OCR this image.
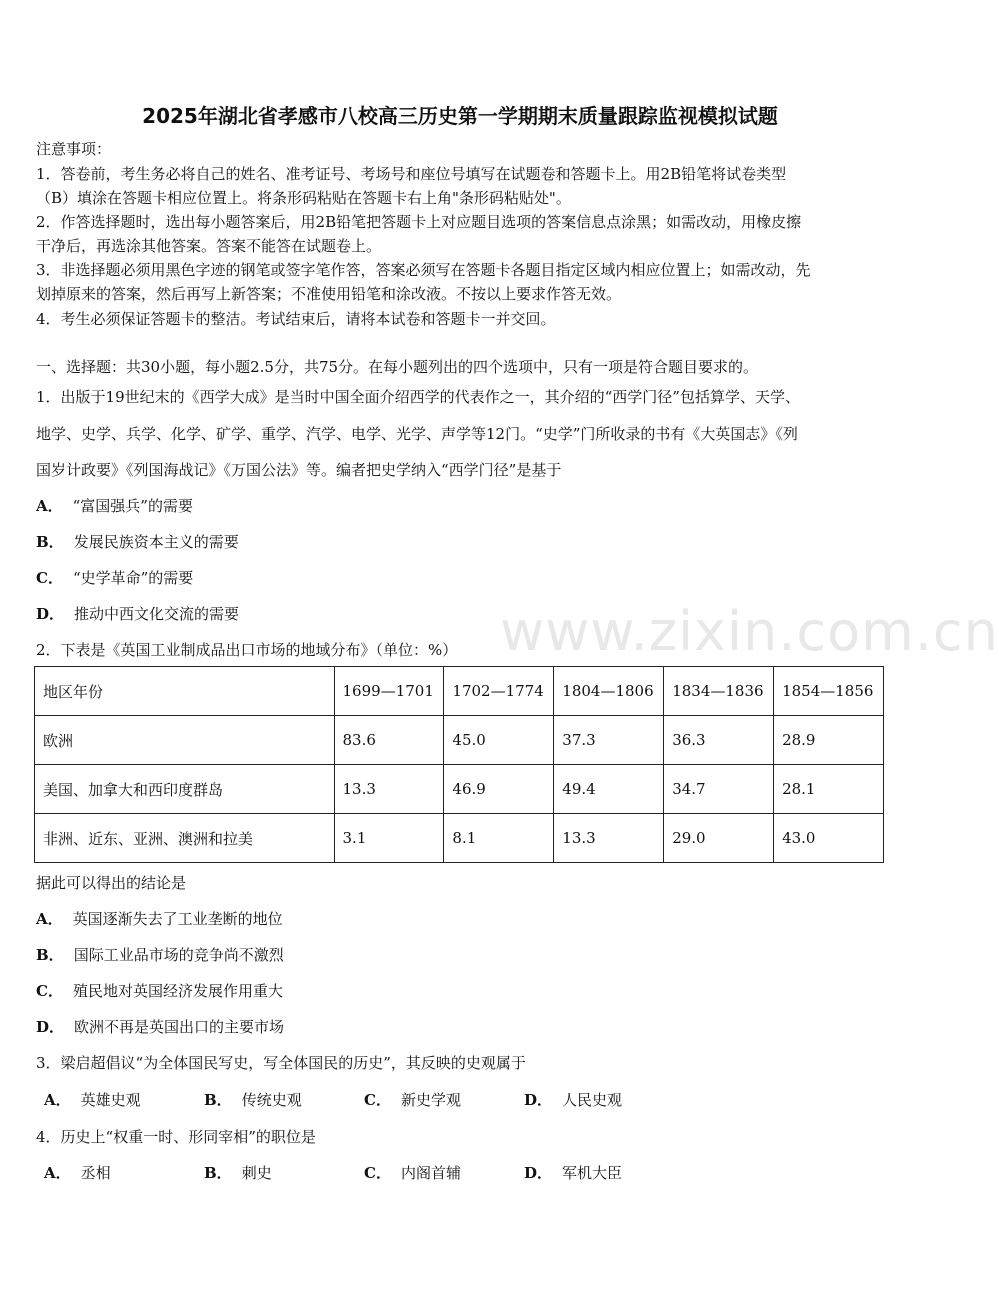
www.zixin.com.cn
2025年湖北省孝感市八校高三历史第一学期期末质量跟踪监视模拟试题
注意事项：
1．答卷前，考生务必将自己的姓名、准考证号、考场号和座位号填写在试题卷和答题卡上。用2B铅笔将试卷类型
（B）填涂在答题卡相应位置上。将条形码粘贴在答题卡右上角"条形码粘贴处"。
2．作答选择题时，选出每小题答案后，用2B铅笔把答题卡上对应题目选项的答案信息点涂黑；如需改动，用橡皮擦
干净后，再选涂其他答案。答案不能答在试题卷上。
3．非选择题必须用黑色字迹的钢笔或签字笔作答，答案必须写在答题卡各题目指定区域内相应位置上；如需改动，先
划掉原来的答案，然后再写上新答案；不准使用铅笔和涂改液。不按以上要求作答无效。
4．考生必须保证答题卡的整洁。考试结束后，请将本试卷和答题卡一并交回。
一、选择题：共30小题，每小题2.5分，共75分。在每小题列出的四个选项中，只有一项是符合题目要求的。
1．出版于19世纪末的《西学大成》是当时中国全面介绍西学的代表作之一，其介绍的“西学门径”包括算学、天学、
地学、史学、兵学、化学、矿学、重学、汽学、电学、光学、声学等12门。“史学”门所收录的书有《大英国志》《列
国岁计政要》《列国海战记》《万国公法》等。编者把史学纳入“西学门径”是基于
A． “富国强兵”的需要
B． 发展民族资本主义的需要
C． “史学革命”的需要
D． 推动中西文化交流的需要
2．下表是《英国工业制成品出口市场的地域分布》（单位：%）
地区年份	1699—1701	1702—1774	1804—1806	1834—1836	1854—1856
欧洲	83.6	45.0	37.3	36.3	28.9
美国、加拿大和西印度群岛	13.3	46.9	49.4	34.7	28.1
非洲、近东、亚洲、澳洲和拉美	3.1	8.1	13.3	29.0	43.0
据此可以得出的结论是
A． 英国逐渐失去了工业垄断的地位
B． 国际工业品市场的竞争尚不激烈
C． 殖民地对英国经济发展作用重大
D． 欧洲不再是英国出口的主要市场
3．梁启超倡议“为全体国民写史，写全体国民的历史”，其反映的史观属于
A． 英雄史观	B． 传统史观	C． 新史学观	D． 人民史观
4．历史上“权重一时、形同宰相”的职位是
A． 丞相	B． 刺史	C． 内阁首辅	D． 军机大臣
